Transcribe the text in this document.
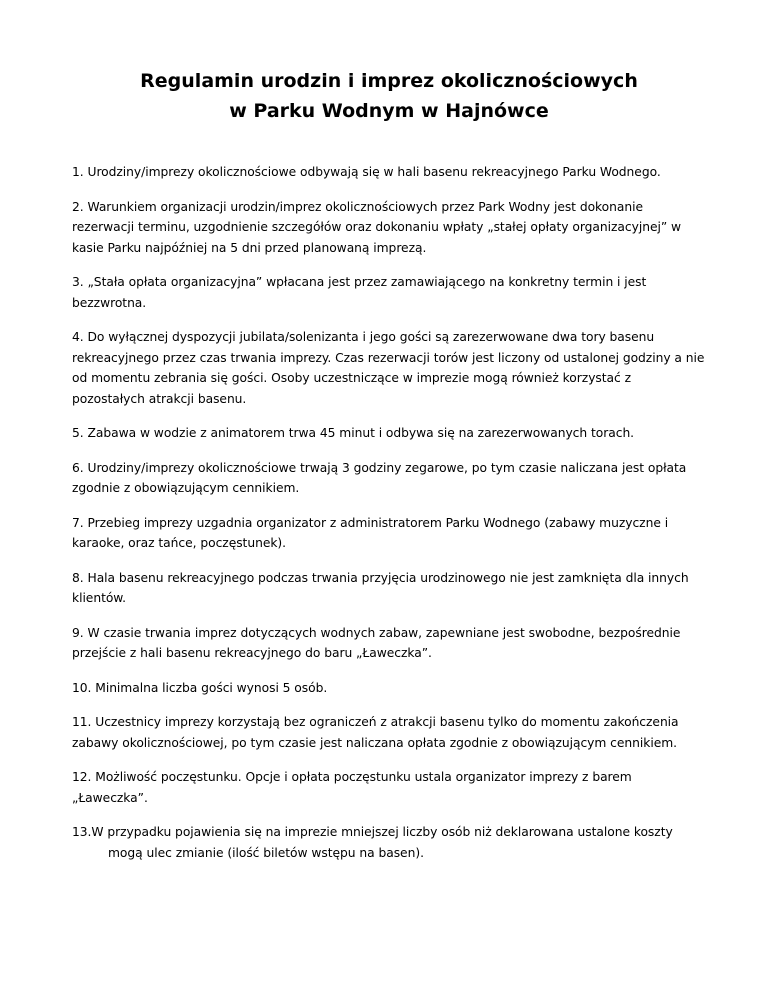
Regulamin urodzin i imprez okolicznościowych
w Parku Wodnym w Hajnówce
1. Urodziny/imprezy okolicznościowe odbywają się w hali basenu rekreacyjnego Parku Wodnego.
2. Warunkiem organizacji urodzin/imprez okolicznościowych przez Park Wodny jest dokonanie rezerwacji terminu, uzgodnienie szczegółów oraz dokonaniu wpłaty „stałej opłaty organizacyjnej” w kasie Parku najpóźniej na 5 dni przed planowaną imprezą.
3. „Stała opłata organizacyjna” wpłacana jest przez zamawiającego na konkretny termin i jest bezzwrotna.
4. Do wyłącznej dyspozycji jubilata/solenizanta i jego gości są zarezerwowane dwa tory basenu rekreacyjnego przez czas trwania imprezy. Czas rezerwacji torów jest liczony od ustalonej godziny a nie od momentu zebrania się gości. Osoby uczestniczące w imprezie mogą również korzystać z pozostałych atrakcji basenu.
5. Zabawa w wodzie z animatorem trwa 45 minut i odbywa się na zarezerwowanych torach.
6. Urodziny/imprezy okolicznościowe trwają 3 godziny zegarowe, po tym czasie naliczana jest opłata zgodnie z obowiązującym cennikiem.
7. Przebieg imprezy uzgadnia organizator z administratorem Parku Wodnego (zabawy muzyczne i karaoke, oraz tańce, poczęstunek).
8. Hala basenu rekreacyjnego podczas trwania przyjęcia urodzinowego nie jest zamknięta dla innych klientów.
9. W czasie trwania imprez dotyczących wodnych zabaw, zapewniane jest swobodne, bezpośrednie przejście z hali basenu rekreacyjnego do baru „Ławeczka”.
10. Minimalna liczba gości wynosi 5 osób.
11. Uczestnicy imprezy korzystają bez ograniczeń z atrakcji basenu tylko do momentu zakończenia zabawy okolicznościowej, po tym czasie jest naliczana opłata zgodnie z obowiązującym cennikiem.
12. Możliwość poczęstunku. Opcje i opłata poczęstunku ustala organizator imprezy z barem „Ławeczka”.
13.W przypadku pojawienia się na imprezie mniejszej liczby osób niż deklarowana ustalone koszty mogą ulec zmianie (ilość biletów wstępu na basen).
